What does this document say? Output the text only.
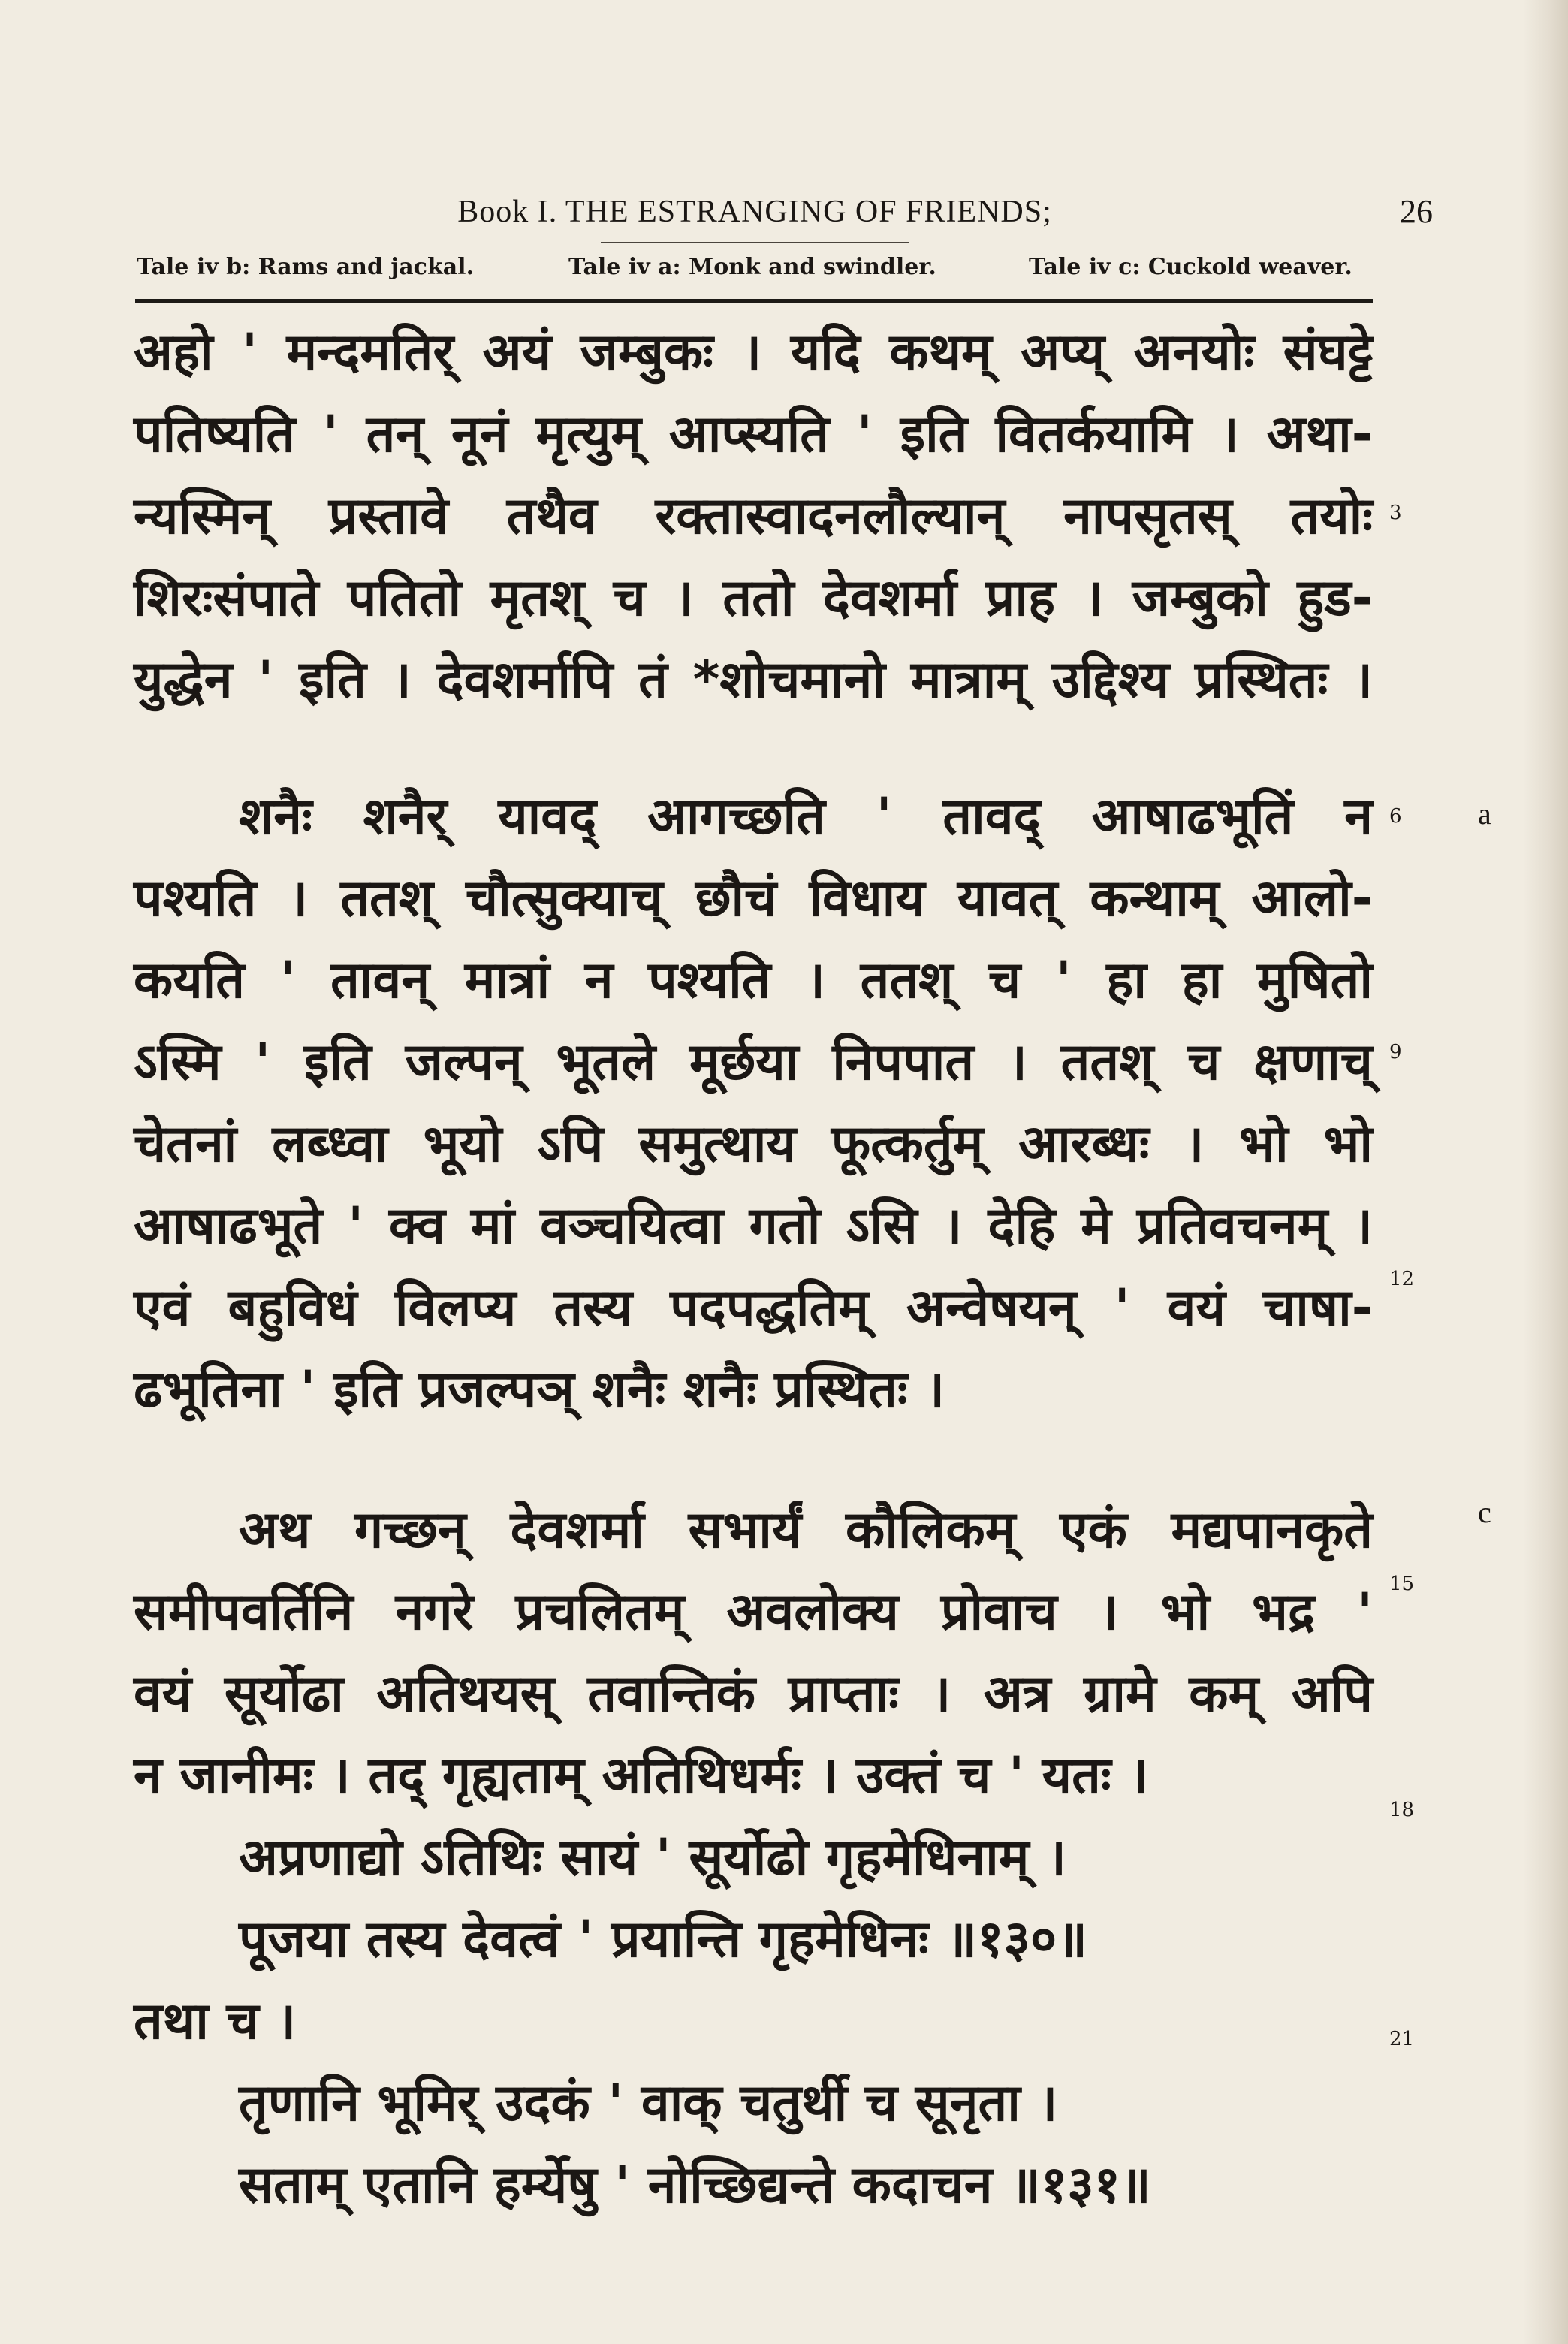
Book I. THE ESTRANGING OF FRIENDS;	26
Tale iv b: Rams and jackal.	Tale iv a: Monk and swindler.	Tale iv c: Cuckold weaver.
अहो ' मन्दमतिर् अयं जम्बुकः । यदि कथम् अप्य् अनयोः संघट्टे
पतिष्यति ' तन् नूनं मृत्युम् आप्स्यति ' इति वितर्कयामि । अथा-
न्यस्मिन् प्रस्तावे तथैव रक्तास्वादनलौल्यान् नापसृतस् तयोः 3
शिरःसंपाते पतितो मृतश् च । ततो देवशर्मा प्राह । जम्बुको हुड-
युद्धेन ' इति । देवशर्मापि तं *शोचमानो मात्राम् उद्दिश्य प्रस्थितः ।
शनैः शनैर् यावद् आगच्छति ' तावद् आषाढभूतिं न 6	a
पश्यति । ततश् चौत्सुक्याच् छौचं विधाय यावत् कन्थाम् आलो-
कयति ' तावन् मात्रां न पश्यति । ततश् च ' हा हा मुषितो
ऽस्मि ' इति जल्पन् भूतले मूर्छया निपपात । ततश् च क्षणाच् 9
चेतनां लब्ध्वा भूयो ऽपि समुत्थाय फूत्कर्तुम् आरब्धः । भो भो
आषाढभूते ' क्व मां वञ्चयित्वा गतो ऽसि । देहि मे प्रतिवचनम् ।
एवं बहुविधं विलप्य तस्य पदपद्धतिम् अन्वेषयन् ' वयं चाषा- 12
ढभूतिना ' इति प्रजल्पञ् शनैः शनैः प्रस्थितः ।
अथ गच्छन् देवशर्मा सभार्यं कौलिकम् एकं मद्यपानकृते	c
समीपवर्तिनि नगरे प्रचलितम् अवलोक्य प्रोवाच । भो भद्र ' 15
वयं सूर्योढा अतिथयस् तवान्तिकं प्राप्ताः । अत्र ग्रामे कम् अपि
न जानीमः । तद् गृह्यताम् अतिथिधर्मः । उक्तं च ' यतः ।
अप्रणाद्यो ऽतिथिः सायं ' सूर्योढो गृहमेधिनाम् ।
18
पूजया तस्य देवत्वं ' प्रयान्ति गृहमेधिनः ॥१३०॥
तथा च ।
तृणानि भूमिर् उदकं ' वाक् चतुर्थी च सूनृता ।
21
सताम् एतानि हर्म्येषु ' नोच्छिद्यन्ते कदाचन ॥१३१॥
